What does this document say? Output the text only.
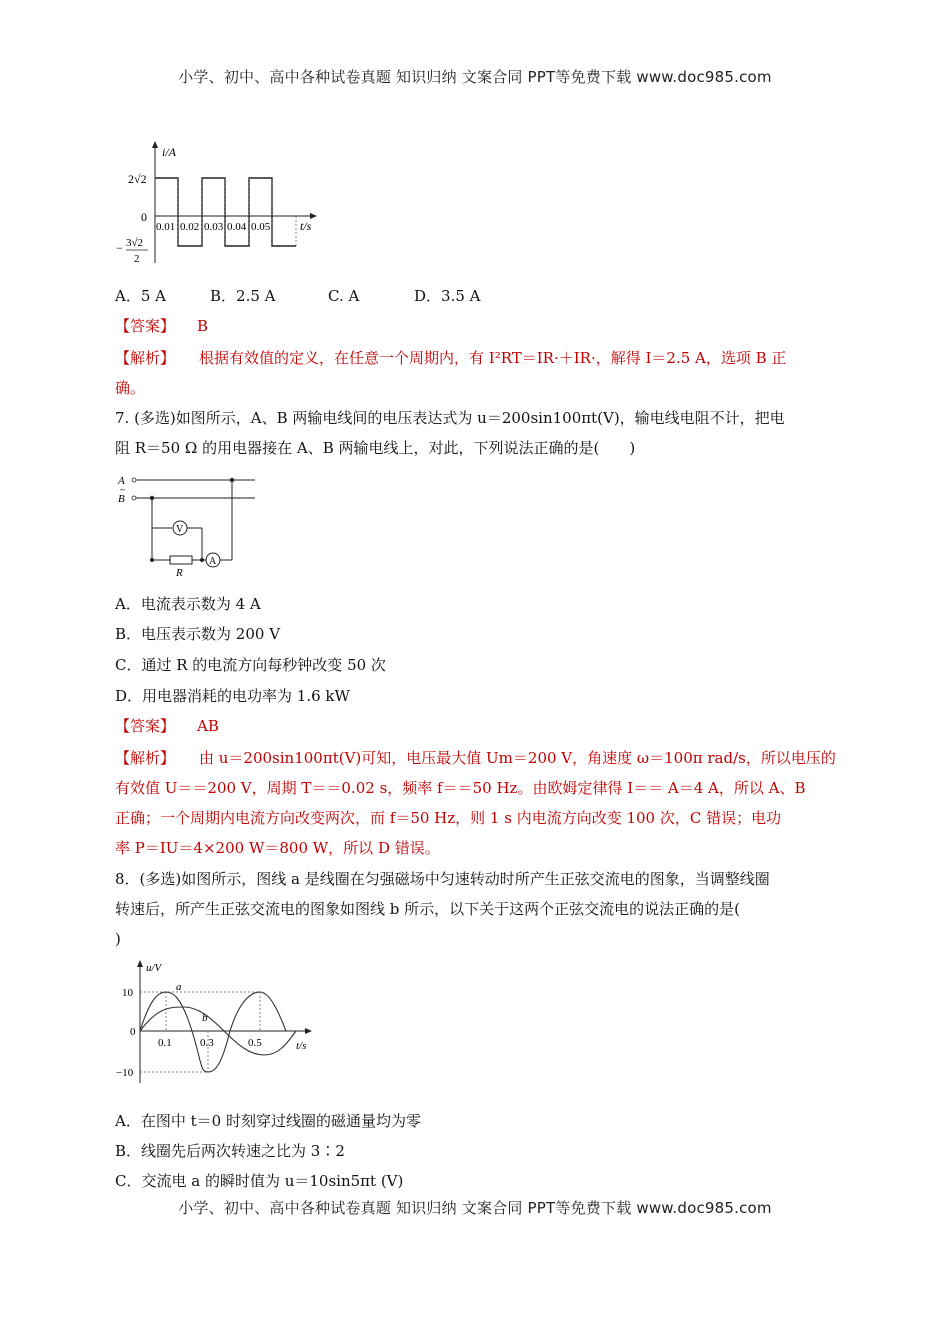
小学、初中、高中各种试卷真题 知识归纳 文案合同 PPT等免费下载 www.doc985.com
i/A
t/s
0
2√2
− 3√2
2
0.01 0.02 0.03 0.04 0.05
A．5 A	B．2.5 A	C. A	D．3.5 A
【答案】 B
【解析】 根据有效值的定义，在任意一个周期内，有 I²RT＝IR·＋IR·，解得 I＝2.5 A，选项 B 正
确。
7. (多选)如图所示，A、B 两输电线间的电压表达式为 u＝200sin100πt(V)，输电线电阻不计，把电
阻 R＝50 Ω 的用电器接在 A、B 两输电线上，对此，下列说法正确的是(　　)
A
~
B
V
A
R
A．电流表示数为 4 A
B．电压表示数为 200 V
C．通过 R 的电流方向每秒钟改变 50 次
D．用电器消耗的电功率为 1.6 kW
【答案】 AB
【解析】 由 u＝200sin100πt(V)可知，电压最大值 Um＝200 V，角速度 ω＝100π rad/s，所以电压的
有效值 U＝＝200 V，周期 T＝＝0.02 s，频率 f＝＝50 Hz。由欧姆定律得 I＝＝ A＝4 A，所以 A、B
正确；一个周期内电流方向改变两次，而 f＝50 Hz，则 1 s 内电流方向改变 100 次，C 错误；电功
率 P＝IU＝4×200 W＝800 W，所以 D 错误。
8．(多选)如图所示，图线 a 是线圈在匀强磁场中匀速转动时所产生正弦交流电的图象，当调整线圈
转速后，所产生正弦交流电的图象如图线 b 所示，以下关于这两个正弦交流电的说法正确的是(
)
u/V
t/s
10
0
−10
a
b
0.1	0.3	0.5
A．在图中 t＝0 时刻穿过线圈的磁通量均为零
B．线圈先后两次转速之比为 3∶2
C．交流电 a 的瞬时值为 u＝10sin5πt (V)
小学、初中、高中各种试卷真题 知识归纳 文案合同 PPT等免费下载 www.doc985.com
